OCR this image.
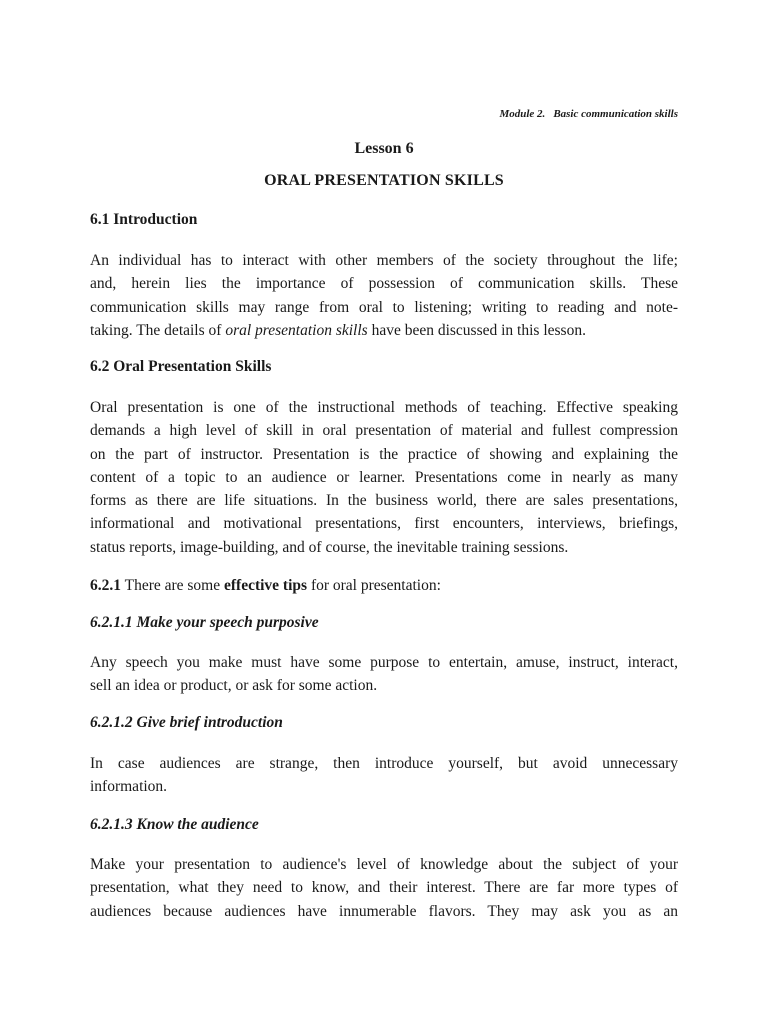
Module 2. Basic communication skills
Lesson 6
ORAL PRESENTATION SKILLS
6.1 Introduction
An individual has to interact with other members of the society throughout the life;
and, herein lies the importance of possession of communication skills. These
communication skills may range from oral to listening; writing to reading and note-
taking. The details of oral presentation skills have been discussed in this lesson.
6.2 Oral Presentation Skills
Oral presentation is one of the instructional methods of teaching. Effective speaking
demands a high level of skill in oral presentation of material and fullest compression
on the part of instructor. Presentation is the practice of showing and explaining the
content of a topic to an audience or learner. Presentations come in nearly as many
forms as there are life situations. In the business world, there are sales presentations,
informational and motivational presentations, first encounters, interviews, briefings,
status reports, image-building, and of course, the inevitable training sessions.
6.2.1 There are some effective tips for oral presentation:
6.2.1.1 Make your speech purposive
Any speech you make must have some purpose to entertain, amuse, instruct, interact,
sell an idea or product, or ask for some action.
6.2.1.2 Give brief introduction
In case audiences are strange, then introduce yourself, but avoid unnecessary
information.
6.2.1.3 Know the audience
Make your presentation to audience's level of knowledge about the subject of your
presentation, what they need to know, and their interest. There are far more types of
audiences because audiences have innumerable flavors. They may ask you as an
